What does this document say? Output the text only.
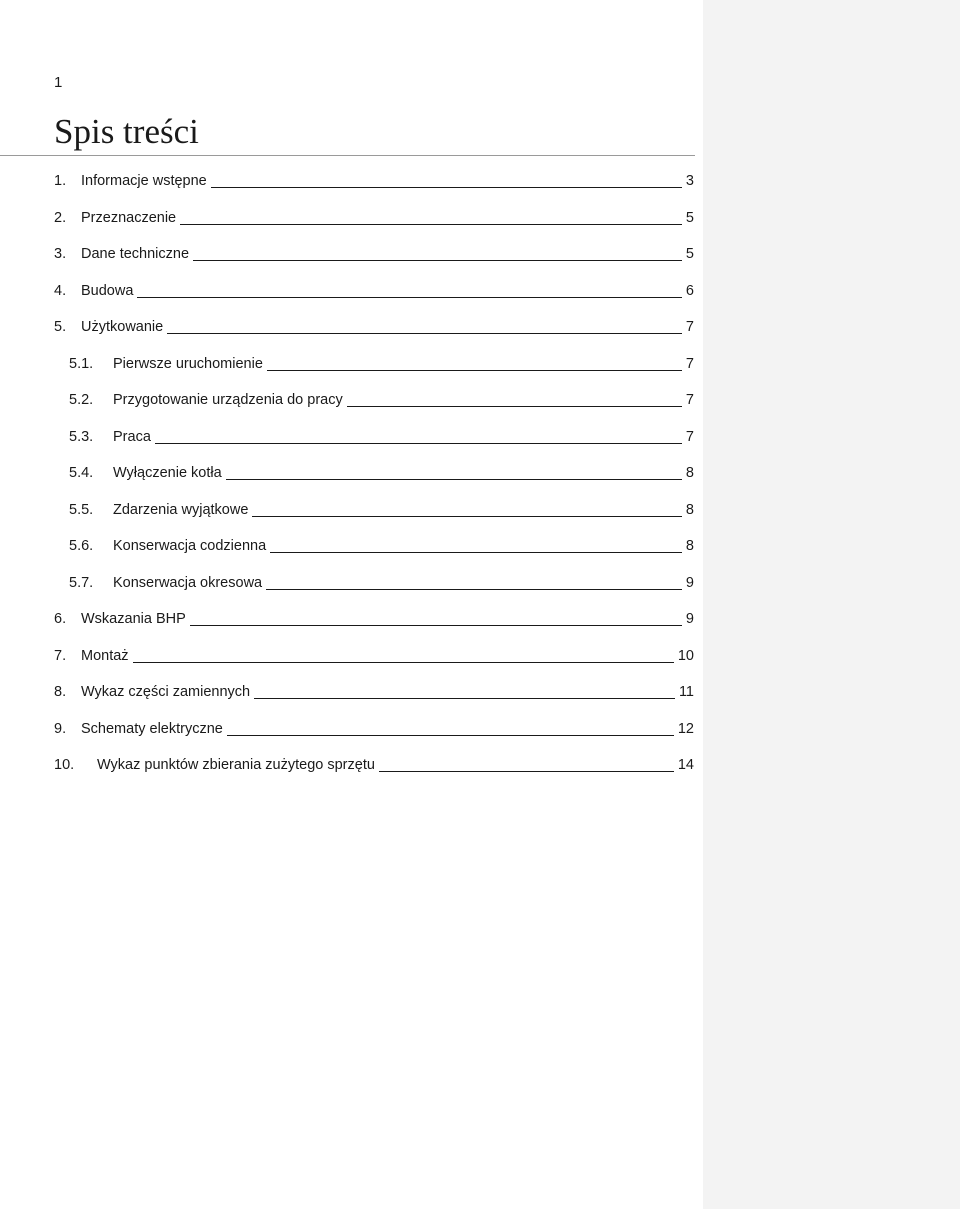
1
Spis treści
1.	Informacje wstępne	3
2.	Przeznaczenie	5
3.	Dane techniczne	5
4.	Budowa	6
5.	Użytkowanie	7
5.1.	Pierwsze uruchomienie	7
5.2.	Przygotowanie urządzenia do pracy	7
5.3.	Praca	7
5.4.	Wyłączenie kotła	8
5.5.	Zdarzenia wyjątkowe	8
5.6.	Konserwacja codzienna	8
5.7.	Konserwacja okresowa	9
6.	Wskazania BHP	9
7.	Montaż	10
8.	Wykaz części zamiennych	11
9.	Schematy elektryczne	12
10.	Wykaz punktów zbierania zużytego sprzętu	14
